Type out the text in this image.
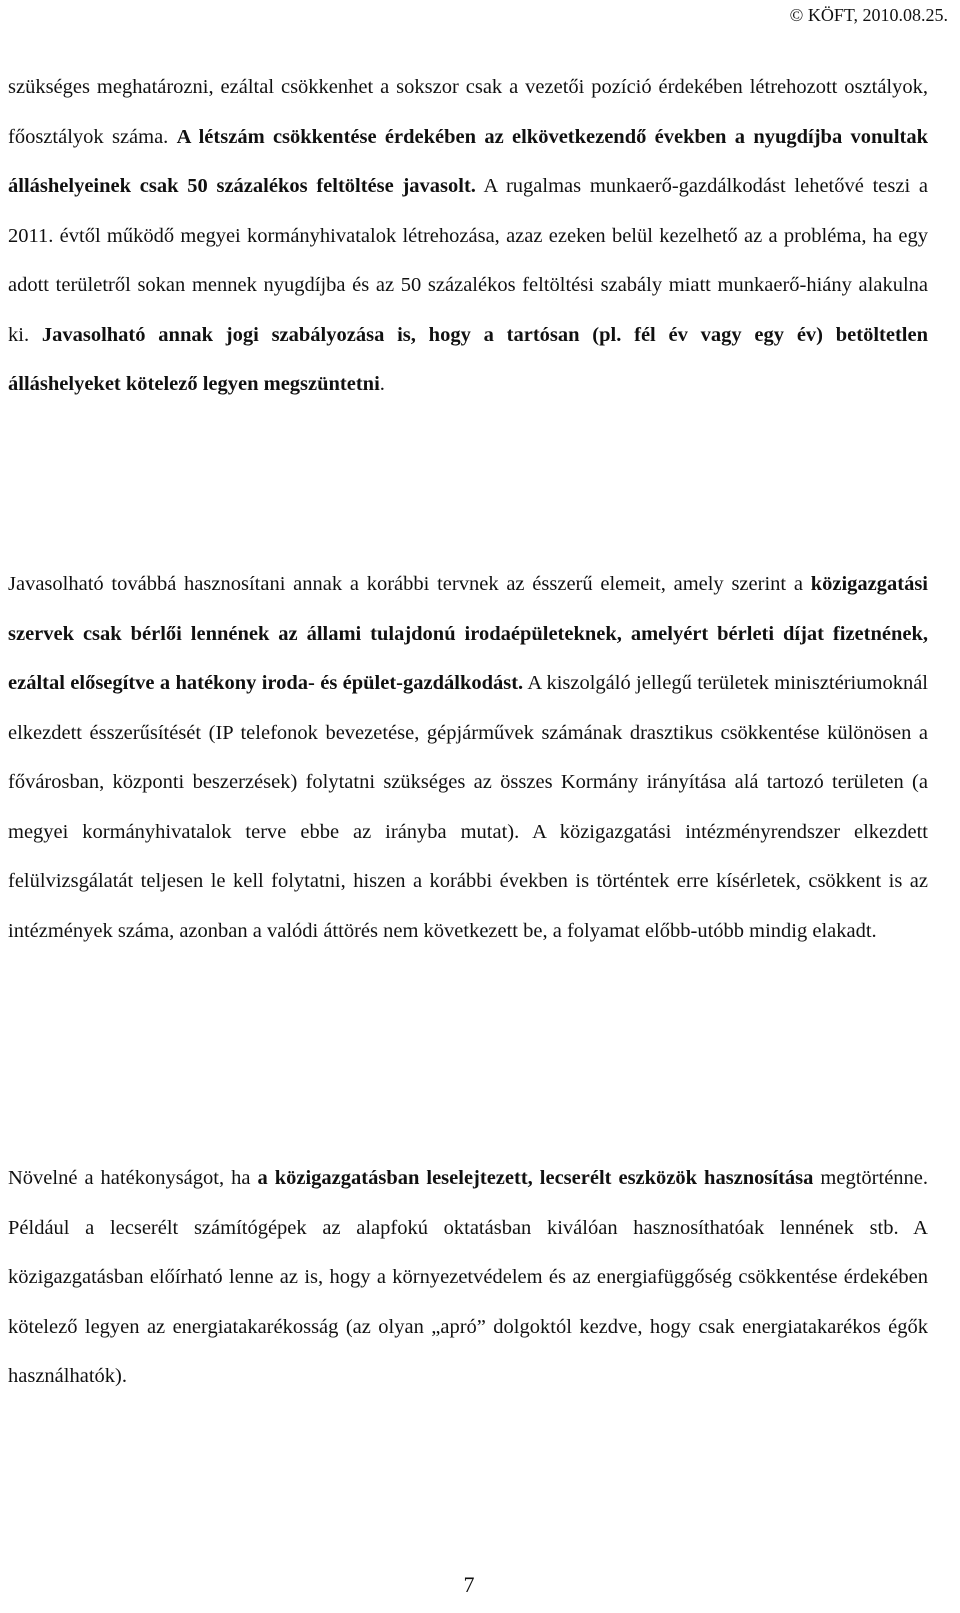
© KÖFT, 2010.08.25.
szükséges meghatározni, ezáltal csökkenhet a sokszor csak a vezetői pozíció érdekében létrehozott osztályok, főosztályok száma. A létszám csökkentése érdekében az elkövetkezendő években a nyugdíjba vonultak álláshelyeinek csak 50 százalékos feltöltése javasolt. A rugalmas munkaerő-gazdálkodást lehetővé teszi a 2011. évtől működő megyei kormányhivatalok létrehozása, azaz ezeken belül kezelhető az a probléma, ha egy adott területről sokan mennek nyugdíjba és az 50 százalékos feltöltési szabály miatt munkaerő-hiány alakulna ki. Javasolható annak jogi szabályozása is, hogy a tartósan (pl. fél év vagy egy év) betöltetlen álláshelyeket kötelező legyen megszüntetni.
Javasolható továbbá hasznosítani annak a korábbi tervnek az ésszerű elemeit, amely szerint a közigazgatási szervek csak bérlői lennének az állami tulajdonú irodaépületeknek, amelyért bérleti díjat fizetnének, ezáltal elősegítve a hatékony iroda- és épület-gazdálkodást. A kiszolgáló jellegű területek minisztériumoknál elkezdett ésszerűsítését (IP telefonok bevezetése, gépjárművek számának drasztikus csökkentése különösen a fővárosban, központi beszerzések) folytatni szükséges az összes Kormány irányítása alá tartozó területen (a megyei kormányhivatalok terve ebbe az irányba mutat). A közigazgatási intézményrendszer elkezdett felülvizsgálatát teljesen le kell folytatni, hiszen a korábbi években is történtek erre kísérletek, csökkent is az intézmények száma, azonban a valódi áttörés nem következett be, a folyamat előbb-utóbb mindig elakadt.
Növelné a hatékonyságot, ha a közigazgatásban leselejtezett, lecserélt eszközök hasznosítása megtörténne. Például a lecserélt számítógépek az alapfokú oktatásban kiválóan hasznosíthatóak lennének stb. A közigazgatásban előírható lenne az is, hogy a környezetvédelem és az energiafüggőség csökkentése érdekében kötelező legyen az energiatakarékosság (az olyan „apró” dolgoktól kezdve, hogy csak energiatakarékos égők használhatók).
7
